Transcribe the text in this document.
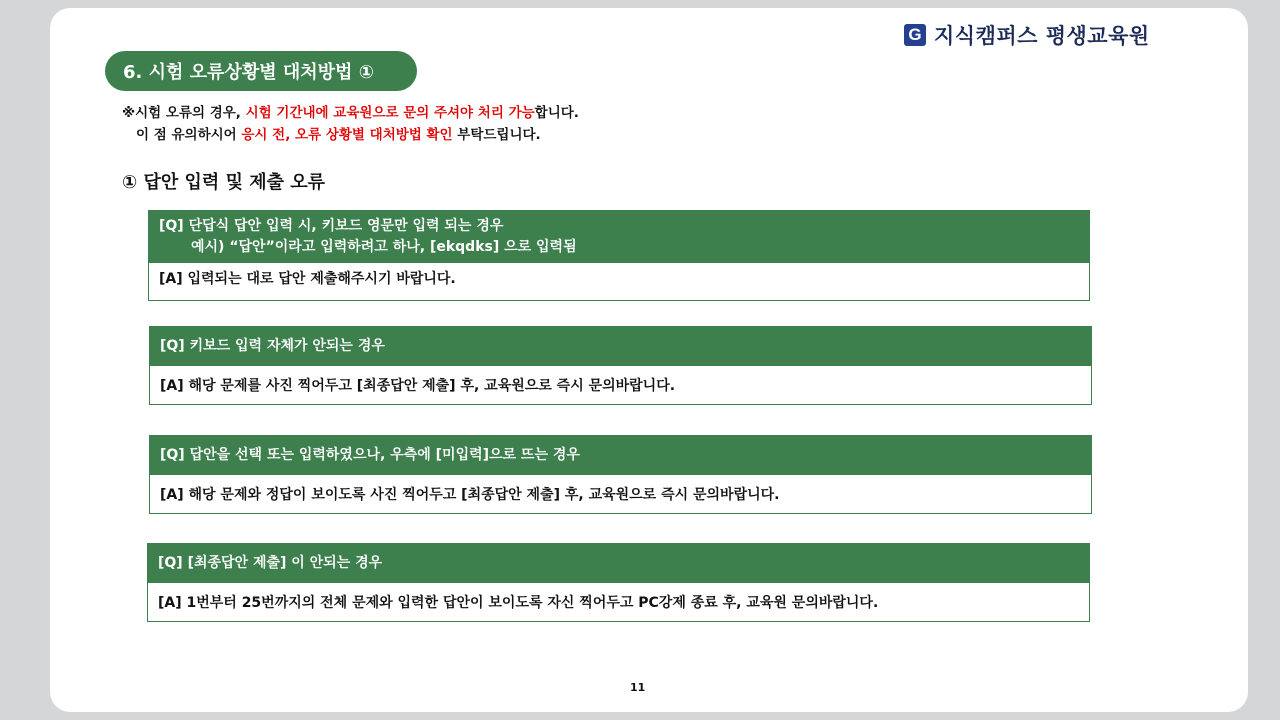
G 지식캠퍼스 평생교육원
6. 시험 오류상황별 대처방법 ①
※시험 오류의 경우, 시험 기간내에 교육원으로 문의 주셔야 처리 가능합니다.
이 점 유의하시어 응시 전, 오류 상황별 대처방법 확인 부탁드립니다.
① 답안 입력 및 제출 오류
[Q] 단답식 답안 입력 시, 키보드 영문만 입력 되는 경우
예시) “답안”이라고 입력하려고 하나, [ekqdks] 으로 입력됨
[A] 입력되는 대로 답안 제출해주시기 바랍니다.
[Q] 키보드 입력 자체가 안되는 경우
[A] 해당 문제를 사진 찍어두고 [최종답안 제출] 후, 교육원으로 즉시 문의바랍니다.
[Q] 답안을 선택 또는 입력하였으나, 우측에 [미입력]으로 뜨는 경우
[A] 해당 문제와 정답이 보이도록 사진 찍어두고 [최종답안 제출] 후, 교육원으로 즉시 문의바랍니다.
[Q] [최종답안 제출] 이 안되는 경우
[A] 1번부터 25번까지의 전체 문제와 입력한 답안이 보이도록 자신 찍어두고 PC강제 종료 후, 교육원 문의바랍니다.
11
